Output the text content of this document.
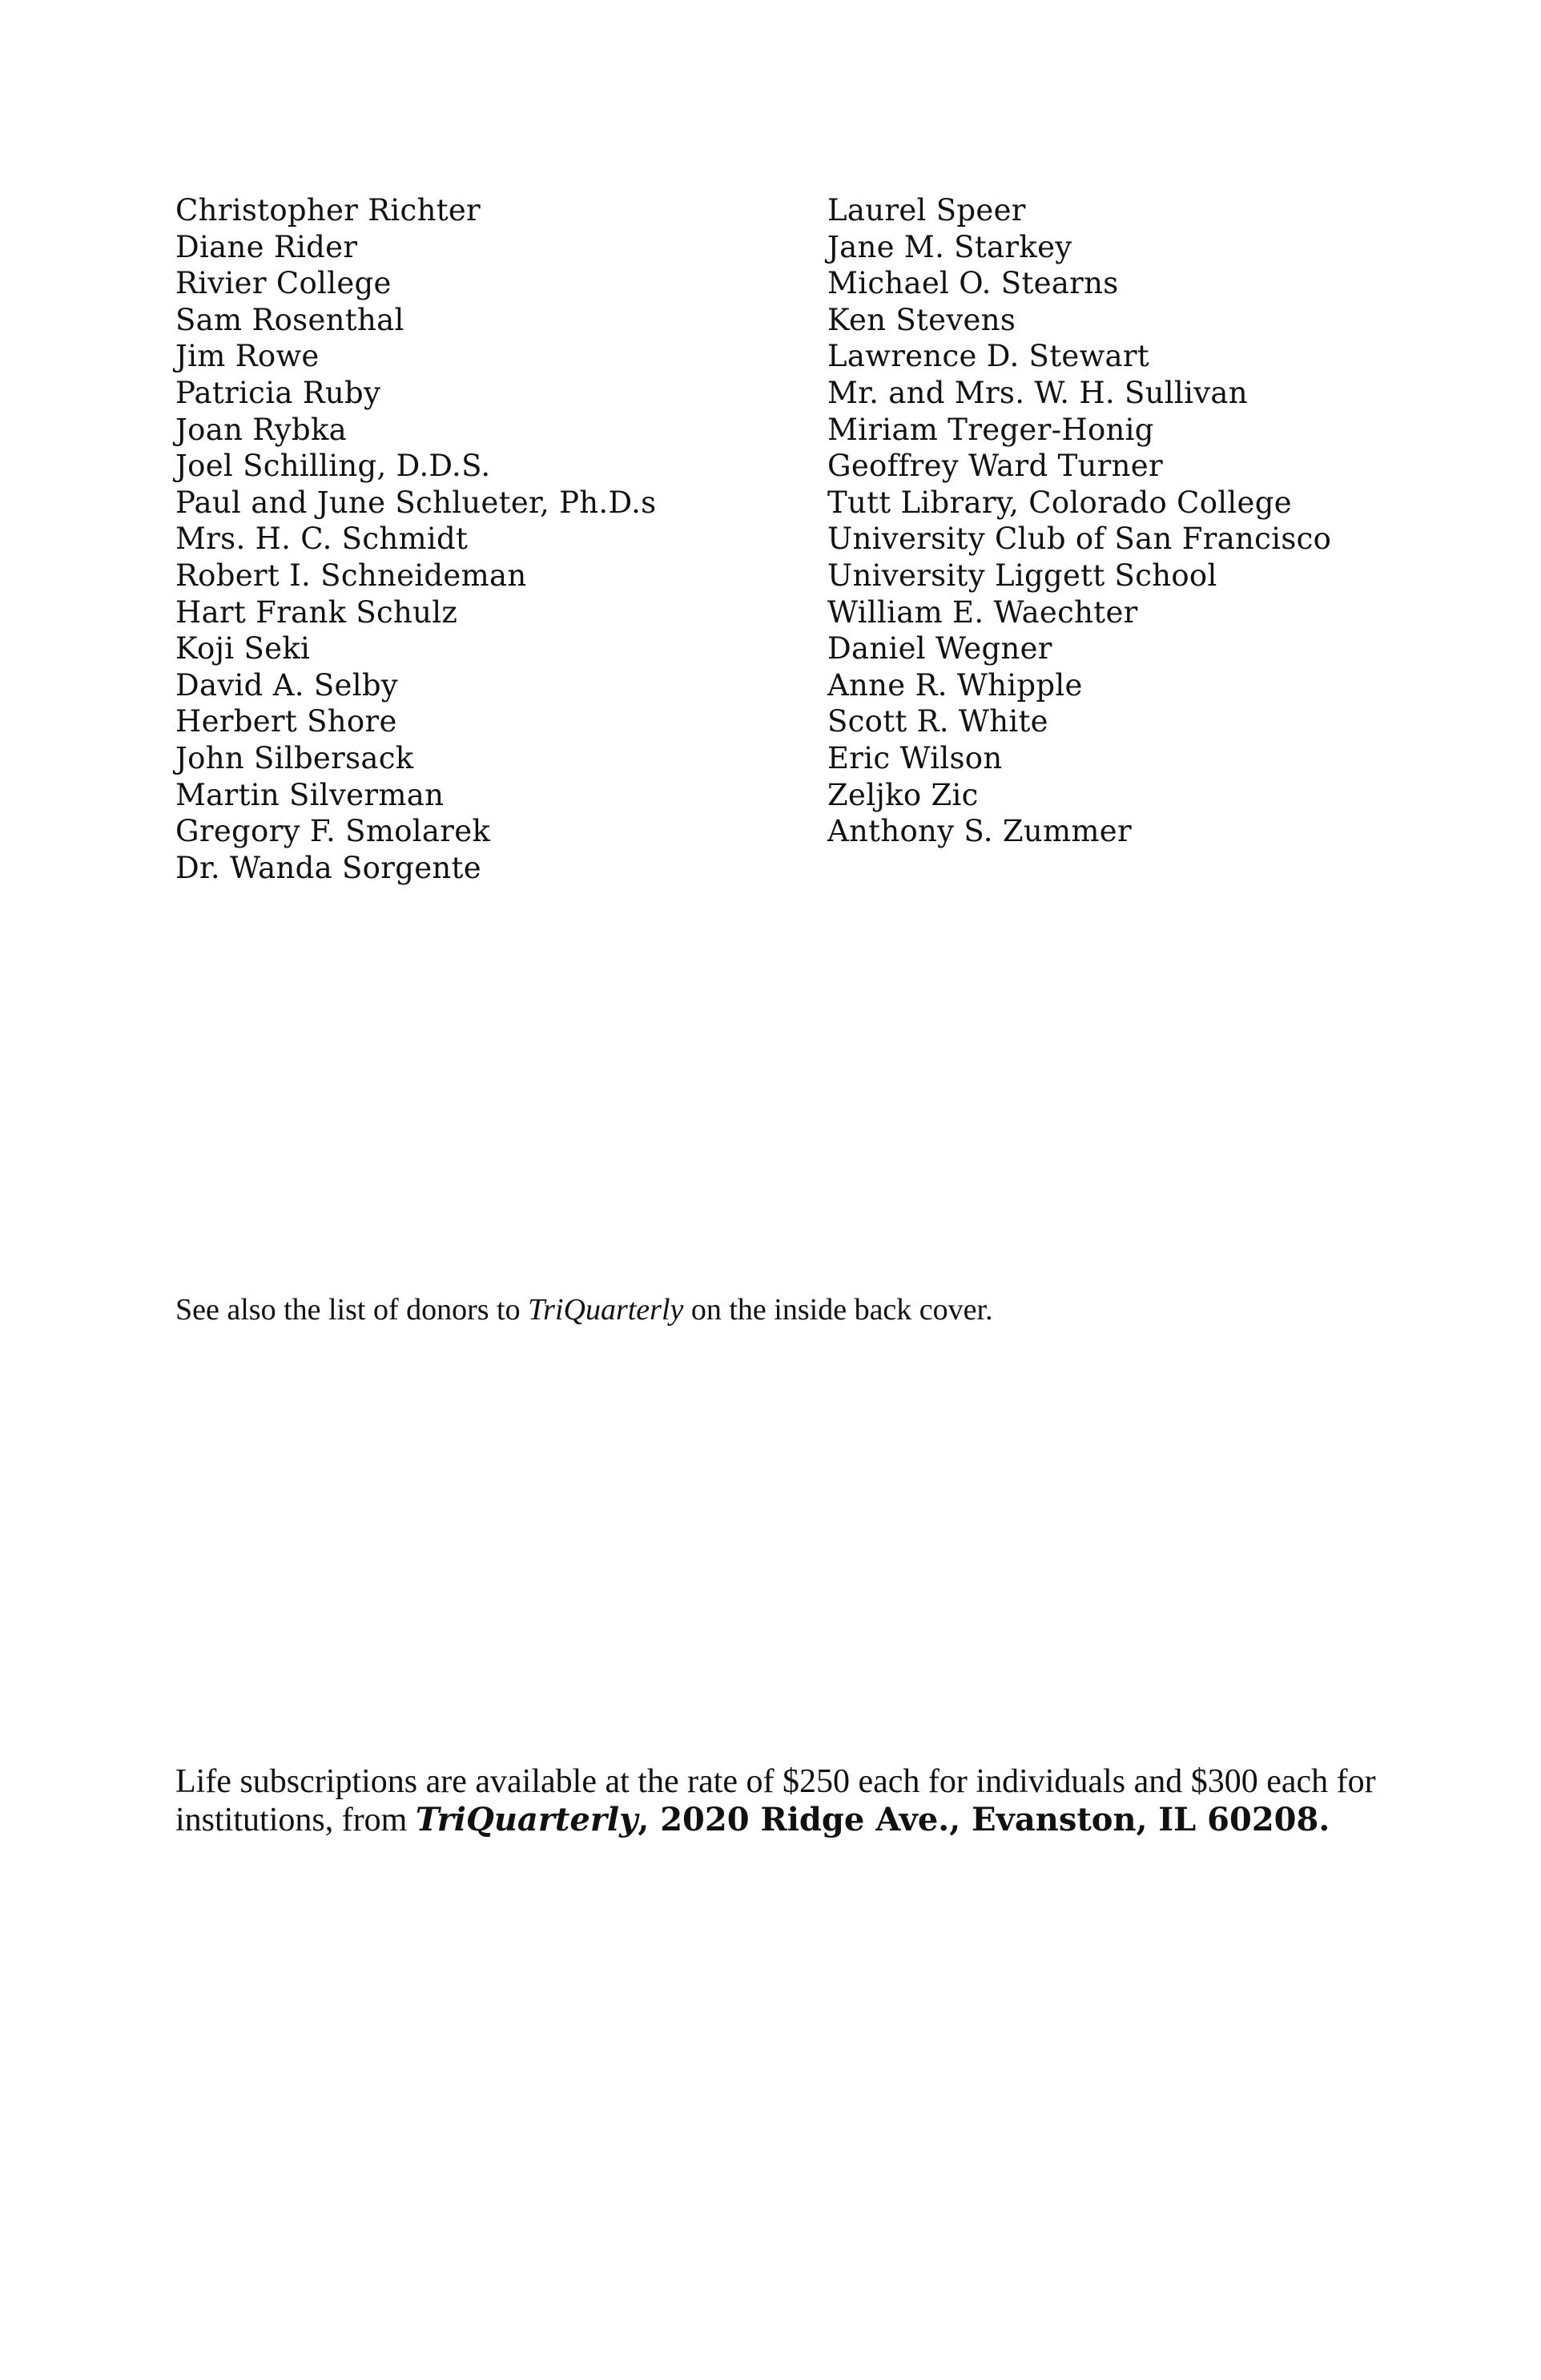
Christopher Richter
Diane Rider
Rivier College
Sam Rosenthal
Jim Rowe
Patricia Ruby
Joan Rybka
Joel Schilling, D.D.S.
Paul and June Schlueter, Ph.D.s
Mrs. H. C. Schmidt
Robert I. Schneideman
Hart Frank Schulz
Koji Seki
David A. Selby
Herbert Shore
John Silbersack
Martin Silverman
Gregory F. Smolarek
Dr. Wanda Sorgente
Laurel Speer
Jane M. Starkey
Michael O. Stearns
Ken Stevens
Lawrence D. Stewart
Mr. and Mrs. W. H. Sullivan
Miriam Treger-Honig
Geoffrey Ward Turner
Tutt Library, Colorado College
University Club of San Francisco
University Liggett School
William E. Waechter
Daniel Wegner
Anne R. Whipple
Scott R. White
Eric Wilson
Zeljko Zic
Anthony S. Zummer

See also the list of donors to TriQuarterly on the inside back cover.

Life subscriptions are available at the rate of $250 each for individuals and $300 each for institutions, from TriQuarterly, 2020 Ridge Ave., Evanston, IL 60208.
